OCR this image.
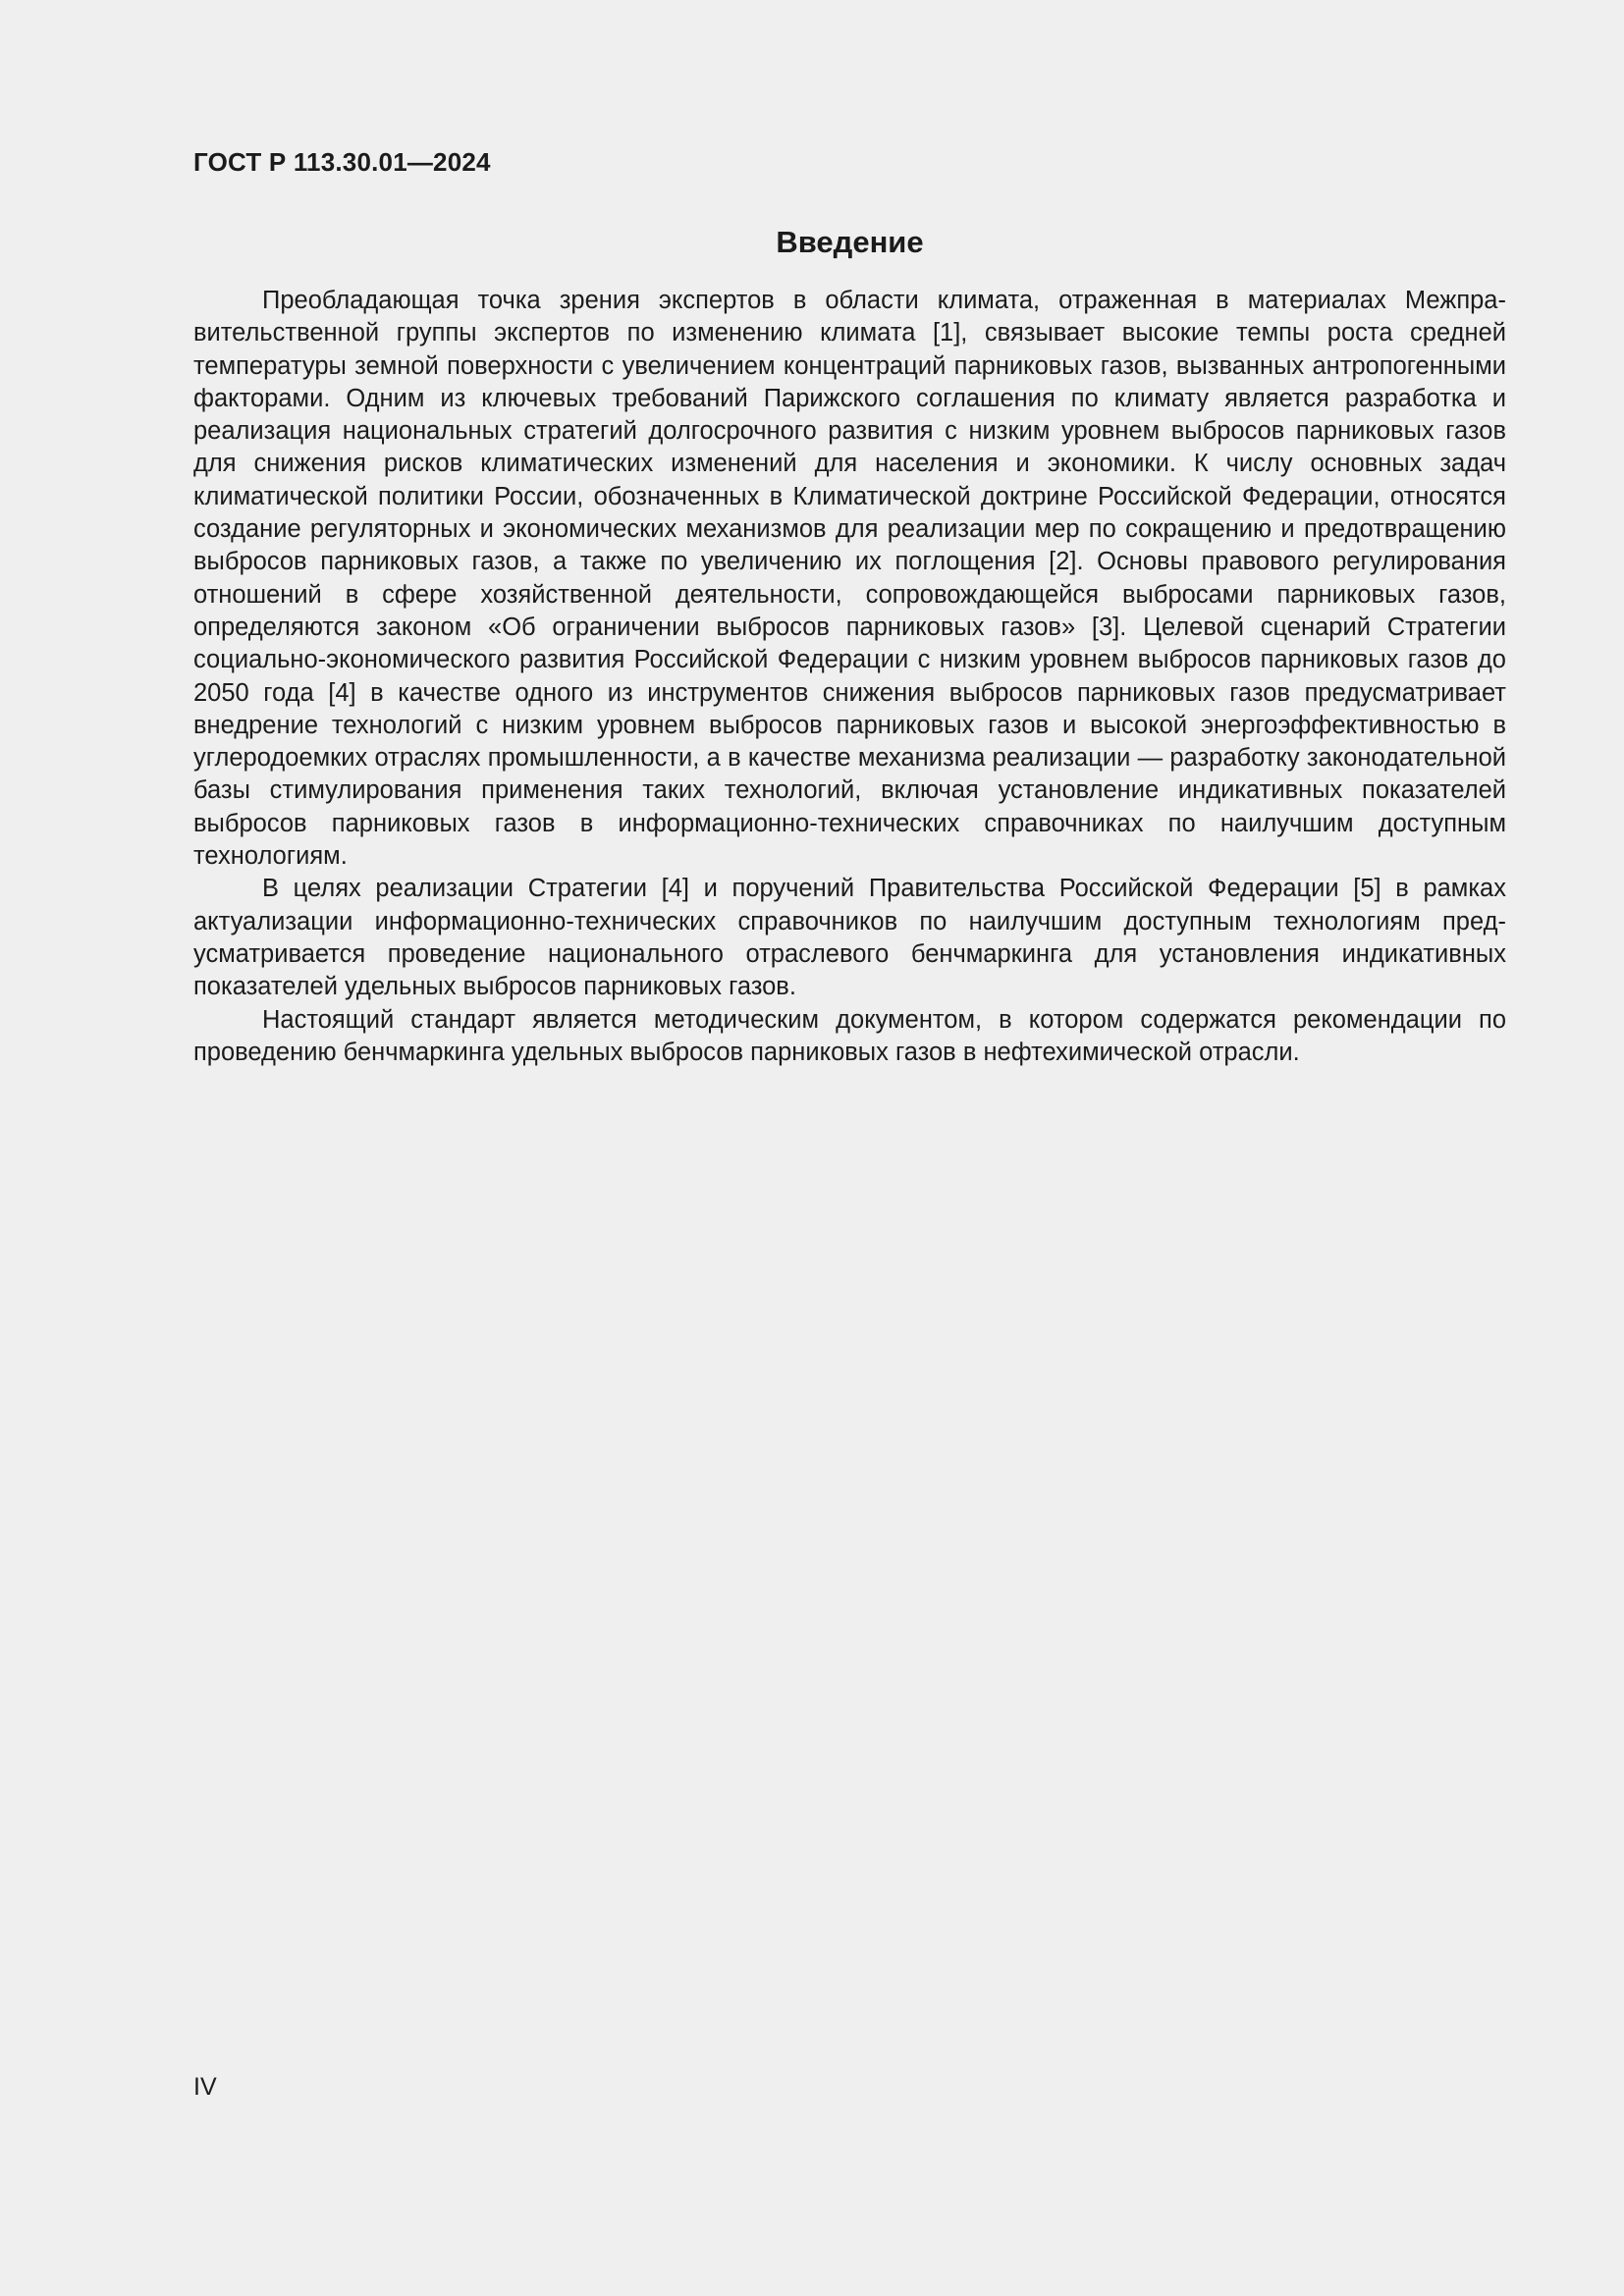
ГОСТ Р 113.30.01—2024
Введение

Преобладающая точка зрения экспертов в области климата, отраженная в материалах Межправительственной группы экспертов по изменению климата [1], связывает высокие темпы роста средней температуры земной поверхности с увеличением концентраций парниковых газов, вызванных антропогенными факторами. Одним из ключевых требований Парижского соглашения по климату является разработка и реализация национальных стратегий долгосрочного развития с низким уровнем выбросов парниковых газов для снижения рисков климатических изменений для населения и экономики. К числу основных задач климатической политики России, обозначенных в Климатической доктрине Российской Федерации, относятся создание регуляторных и экономических механизмов для реализации мер по сокращению и предотвращению выбросов парниковых газов, а также по увеличению их поглощения [2]. Основы правового регулирования отношений в сфере хозяйственной деятельности, сопровождающейся выбросами парниковых газов, определяются законом «Об ограничении выбросов парниковых газов» [3]. Целевой сценарий Стратегии социально-экономического развития Российской Федерации с низким уровнем выбросов парниковых газов до 2050 года [4] в качестве одного из инструментов снижения выбросов парниковых газов предусматривает внедрение технологий с низким уровнем выбросов парниковых газов и высокой энергоэффективностью в углеродоемких отраслях промышленности, а в качестве механизма реализации — разработку законодательной базы стимулирования применения таких технологий, включая установление индикативных показателей выбросов парниковых газов в информационно-технических справочниках по наилучшим доступным технологиям.

В целях реализации Стратегии [4] и поручений Правительства Российской Федерации [5] в рамках актуализации информационно-технических справочников по наилучшим доступным технологиям предусматривается проведение национального отраслевого бенчмаркинга для установления индикативных показателей удельных выбросов парниковых газов.

Настоящий стандарт является методическим документом, в котором содержатся рекомендации по проведению бенчмаркинга удельных выбросов парниковых газов в нефтехимической отрасли.

IV
